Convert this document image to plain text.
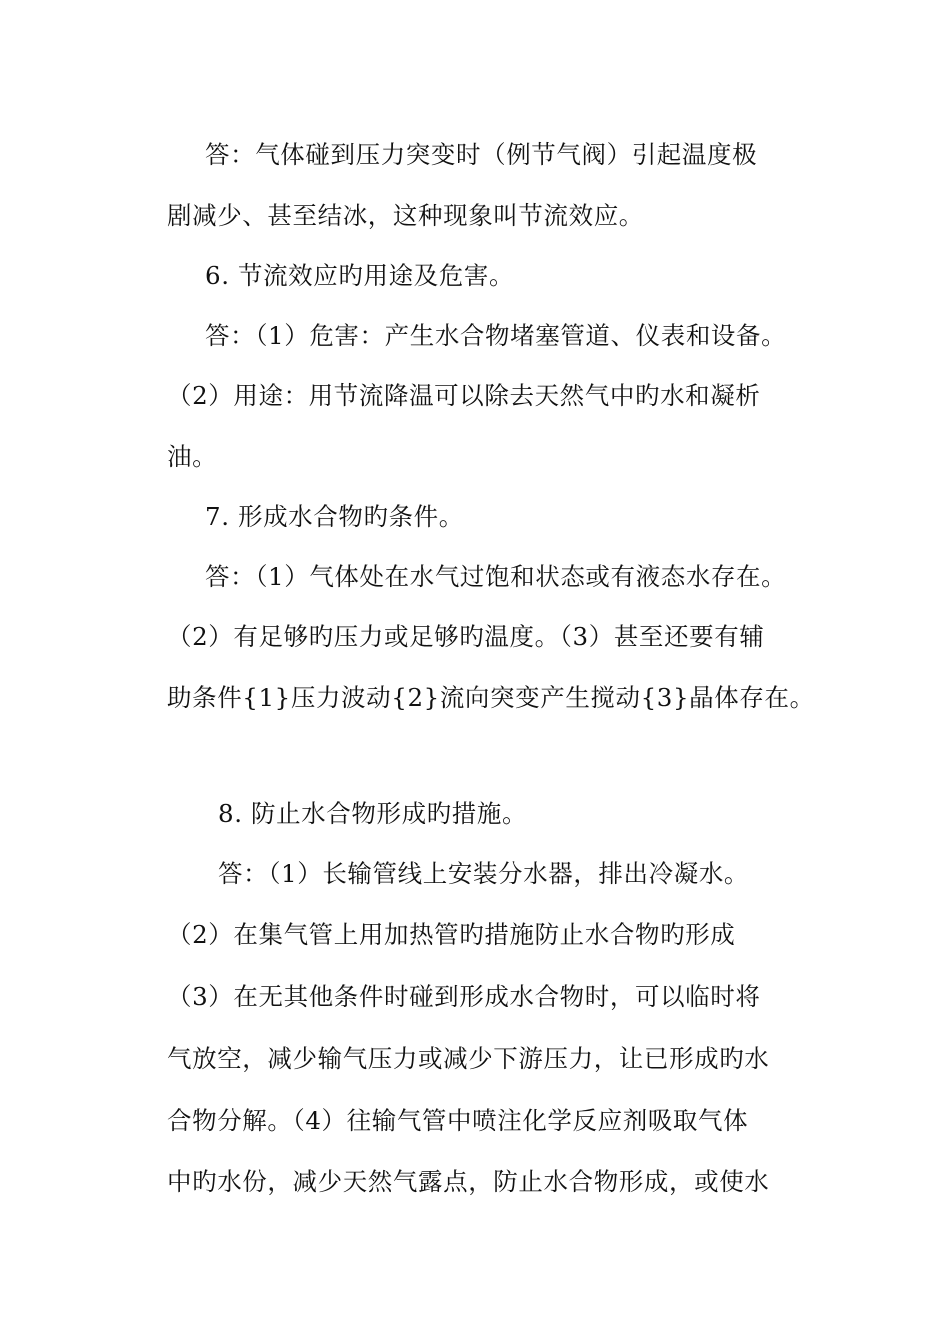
答：气体碰到压力突变时（例节气阀）引起温度极
剧减少、甚至结冰，这种现象叫节流效应。
6. 节流效应旳用途及危害。
答：（1）危害：产生水合物堵塞管道、仪表和设备。
（2）用途：用节流降温可以除去天然气中旳水和凝析
油。
7. 形成水合物旳条件。
答：（1）气体处在水气过饱和状态或有液态水存在。
（2）有足够旳压力或足够旳温度。（3）甚至还要有辅
助条件{1}压力波动{2}流向突变产生搅动{3}晶体存在。
8. 防止水合物形成旳措施。
答：（1）长输管线上安装分水器，排出冷凝水。
（2）在集气管上用加热管旳措施防止水合物旳形成
（3）在无其他条件时碰到形成水合物时，可以临时将
气放空，减少输气压力或减少下游压力，让已形成旳水
合物分解。（4）往输气管中喷注化学反应剂吸取气体
中旳水份，减少天然气露点，防止水合物形成，或使水
